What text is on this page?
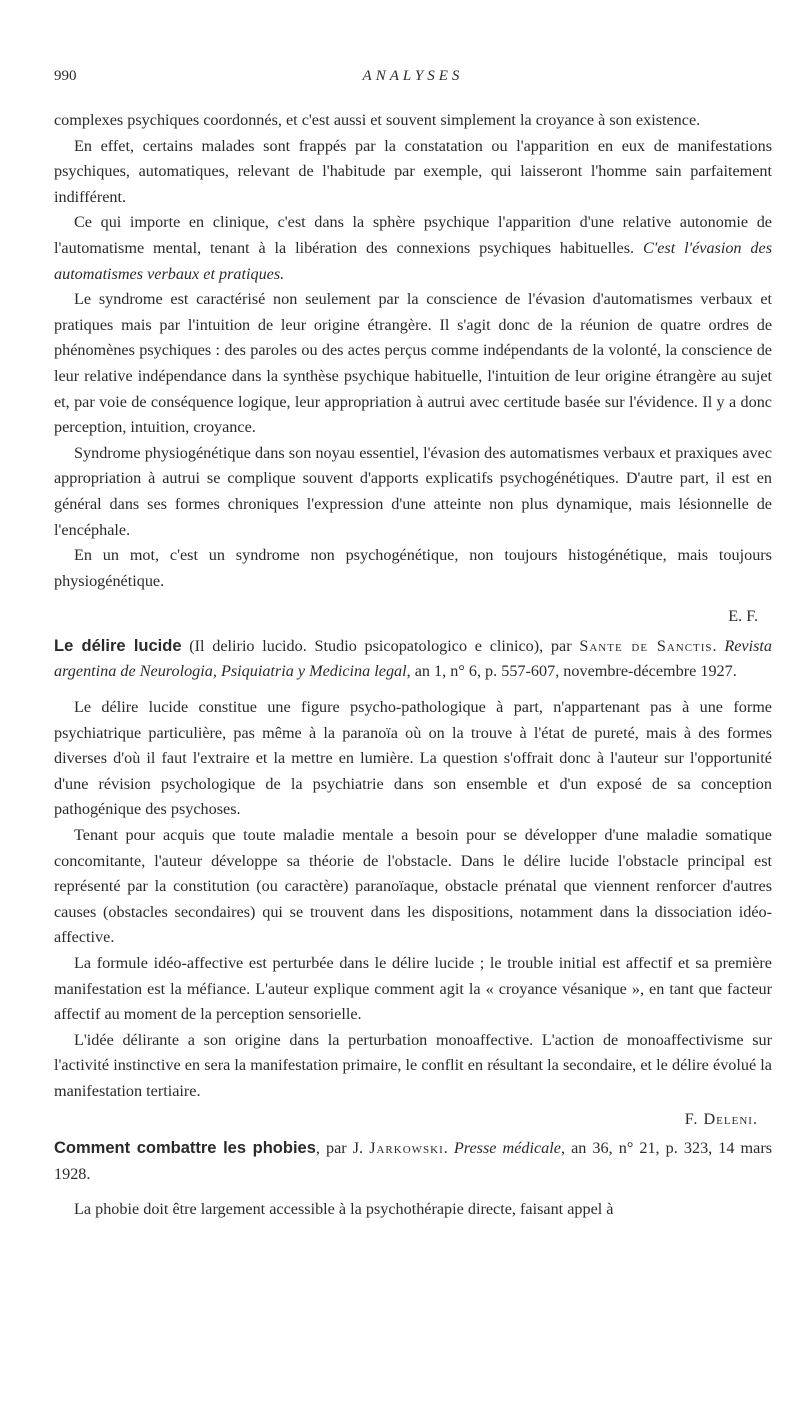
990	ANALYSES

complexes psychiques coordonnés, et c'est aussi et souvent simplement la croyance à son existence.

En effet, certains malades sont frappés par la constatation ou l'apparition en eux de manifestations psychiques, automatiques, relevant de l'habitude par exemple, qui laisseront l'homme sain parfaitement indifférent.

Ce qui importe en clinique, c'est dans la sphère psychique l'apparition d'une relative autonomie de l'automatisme mental, tenant à la libération des connexions psychiques habituelles. C'est l'évasion des automatismes verbaux et pratiques.

Le syndrome est caractérisé non seulement par la conscience de l'évasion d'automatismes verbaux et pratiques mais par l'intuition de leur origine étrangère. Il s'agit donc de la réunion de quatre ordres de phénomènes psychiques : des paroles ou des actes perçus comme indépendants de la volonté, la conscience de leur relative indépendance dans la synthèse psychique habituelle, l'intuition de leur origine étrangère au sujet et, par voie de conséquence logique, leur appropriation à autrui avec certitude basée sur l'évidence. Il y a donc perception, intuition, croyance.

Syndrome physiogénétique dans son noyau essentiel, l'évasion des automatismes verbaux et praxiques avec appropriation à autrui se complique souvent d'apports explicatifs psychogénétiques. D'autre part, il est en général dans ses formes chroniques l'expression d'une atteinte non plus dynamique, mais lésionnelle de l'encéphale.

En un mot, c'est un syndrome non psychogénétique, non toujours histogénétique, mais toujours physiogénétique.

E. F.

Le délire lucide (Il delirio lucido. Studio psicopatologico e clinico), par Sante de Sanctis. Revista argentina de Neurologia, Psiquiatria y Medicina legal, an 1, n° 6, p. 557-607, novembre-décembre 1927.

Le délire lucide constitue une figure psycho-pathologique à part, n'appartenant pas à une forme psychiatrique particulière, pas même à la paranoïa où on la trouve à l'état de pureté, mais à des formes diverses d'où il faut l'extraire et la mettre en lumière. La question s'offrait donc à l'auteur sur l'opportunité d'une révision psychologique de la psychiatrie dans son ensemble et d'un exposé de sa conception pathogénique des psychoses.

Tenant pour acquis que toute maladie mentale a besoin pour se développer d'une maladie somatique concomitante, l'auteur développe sa théorie de l'obstacle. Dans le délire lucide l'obstacle principal est représenté par la constitution (ou caractère) paranoïaque, obstacle prénatal que viennent renforcer d'autres causes (obstacles secondaires) qui se trouvent dans les dispositions, notamment dans la dissociation idéo-affective.

La formule idéo-affective est perturbée dans le délire lucide ; le trouble initial est affectif et sa première manifestation est la méfiance. L'auteur explique comment agit la « croyance vésanique », en tant que facteur affectif au moment de la perception sensorielle.

L'idée délirante a son origine dans la perturbation monoaffective. L'action de monoaffectivisme sur l'activité instinctive en sera la manifestation primaire, le conflit en résultant la secondaire, et le délire évolué la manifestation tertiaire.

F. Deleni.

Comment combattre les phobies, par J. Jarkowski. Presse médicale, an 36, n° 21, p. 323, 14 mars 1928.

La phobie doit être largement accessible à la psychothérapie directe, faisant appel à
